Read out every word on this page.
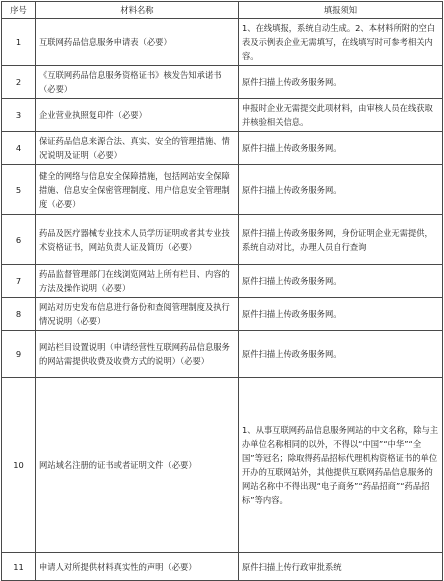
序号	材料名称	填报须知
1	互联网药品信息服务申请表（必要）	1、在线填报，系统自动生成。2、本材料所附的空白表及示例表企业无需填写，在线填写时可参考相关内容。
2	《互联网药品信息服务资格证书》核发告知承诺书（必要）	原件扫描上传政务服务网。
3	企业营业执照复印件（必要）	申报时企业无需提交此项材料，由审核人员在线获取并核验相关信息。
4	保证药品信息来源合法、真实、安全的管理措施、情况说明及证明（必要）	原件扫描上传政务服务网。
5	健全的网络与信息安全保障措施，包括网站安全保障措施、信息安全保密管理制度、用户信息安全管理制度（必要）	原件扫描上传政务服务网。
6	药品及医疗器械专业技术人员学历证明或者其专业技术资格证书，网站负责人证及简历（必要）	原件扫描上传政务服务网，身份证明企业无需提供，系统自动对比，办理人员自行查询
7	药品监督管理部门在线浏览网站上所有栏目、内容的方法及操作说明（必要）	原件扫描上传政务服务网。
8	网站对历史发布信息进行备份和查阅管理制度及执行情况说明（必要）	原件扫描上传政务服务网。
9	网站栏目设置说明（申请经营性互联网药品信息服务的网站需提供收费及收费方式的说明）（必要）	原件扫描上传政务服务网。
10	网站域名注册的证书或者证明文件（必要）	1、从事互联网药品信息服务网站的中文名称，除与主办单位名称相同的以外，不得以“中国”“中华”“全国”等冠名；除取得药品招标代理机构资格证书的单位开办的互联网站外，其他提供互联网药品信息服务的网站名称中不得出现“电子商务”“药品招商”“药品招标”等内容。
11	申请人对所提供材料真实性的声明（必要）	原件扫描上传行政审批系统
